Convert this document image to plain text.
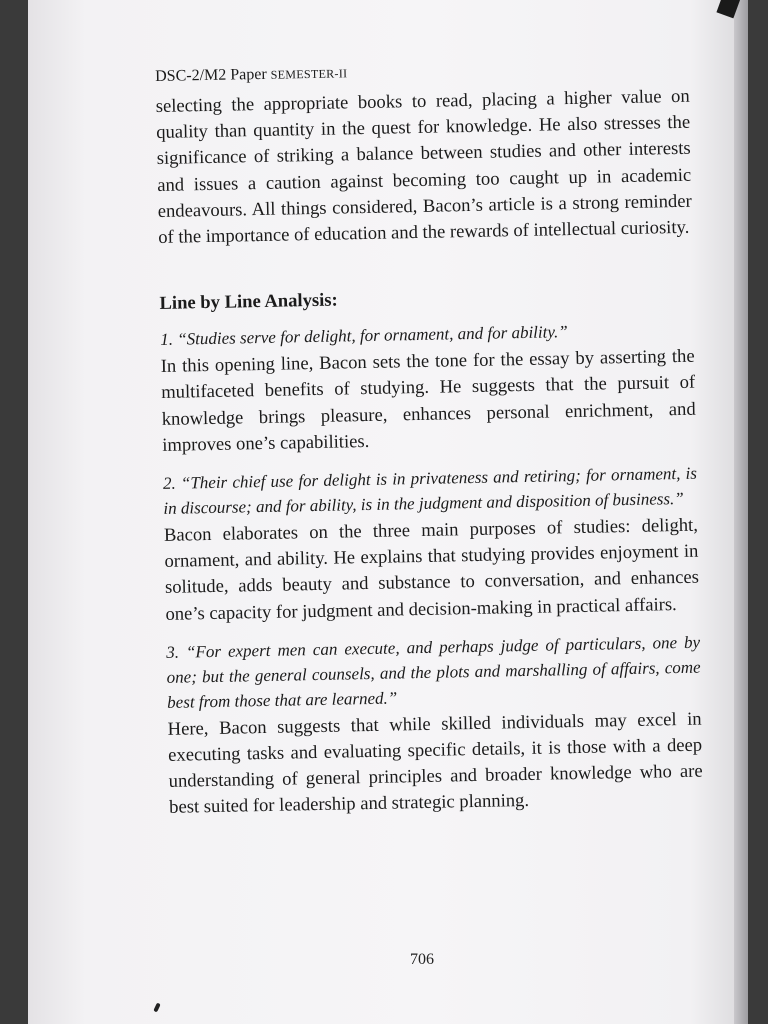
DSC-2/M2 Paper SEMESTER-II

selecting the appropriate books to read, placing a higher value on quality than quantity in the quest for knowledge. He also stresses the significance of striking a balance between studies and other interests and issues a caution against becoming too caught up in academic endeavours. All things considered, Bacon’s article is a strong reminder of the importance of education and the rewards of intellectual curiosity.

Line by Line Analysis:
1. “Studies serve for delight, for ornament, and for ability.”

In this opening line, Bacon sets the tone for the essay by asserting the multifaceted benefits of studying. He suggests that the pursuit of knowledge brings pleasure, enhances personal enrichment, and improves one’s capabilities.

2. “Their chief use for delight is in privateness and retiring; for ornament, is in discourse; and for ability, is in the judgment and disposition of business.”

Bacon elaborates on the three main purposes of studies: delight, ornament, and ability. He explains that studying provides enjoyment in solitude, adds beauty and substance to conversation, and enhances one’s capacity for judgment and decision-making in practical affairs.

3. “For expert men can execute, and perhaps judge of particulars, one by one; but the general counsels, and the plots and marshalling of affairs, come best from those that are learned.”

Here, Bacon suggests that while skilled individuals may excel in executing tasks and evaluating specific details, it is those with a deep understanding of general principles and broader knowledge who are best suited for leadership and strategic planning.

706
